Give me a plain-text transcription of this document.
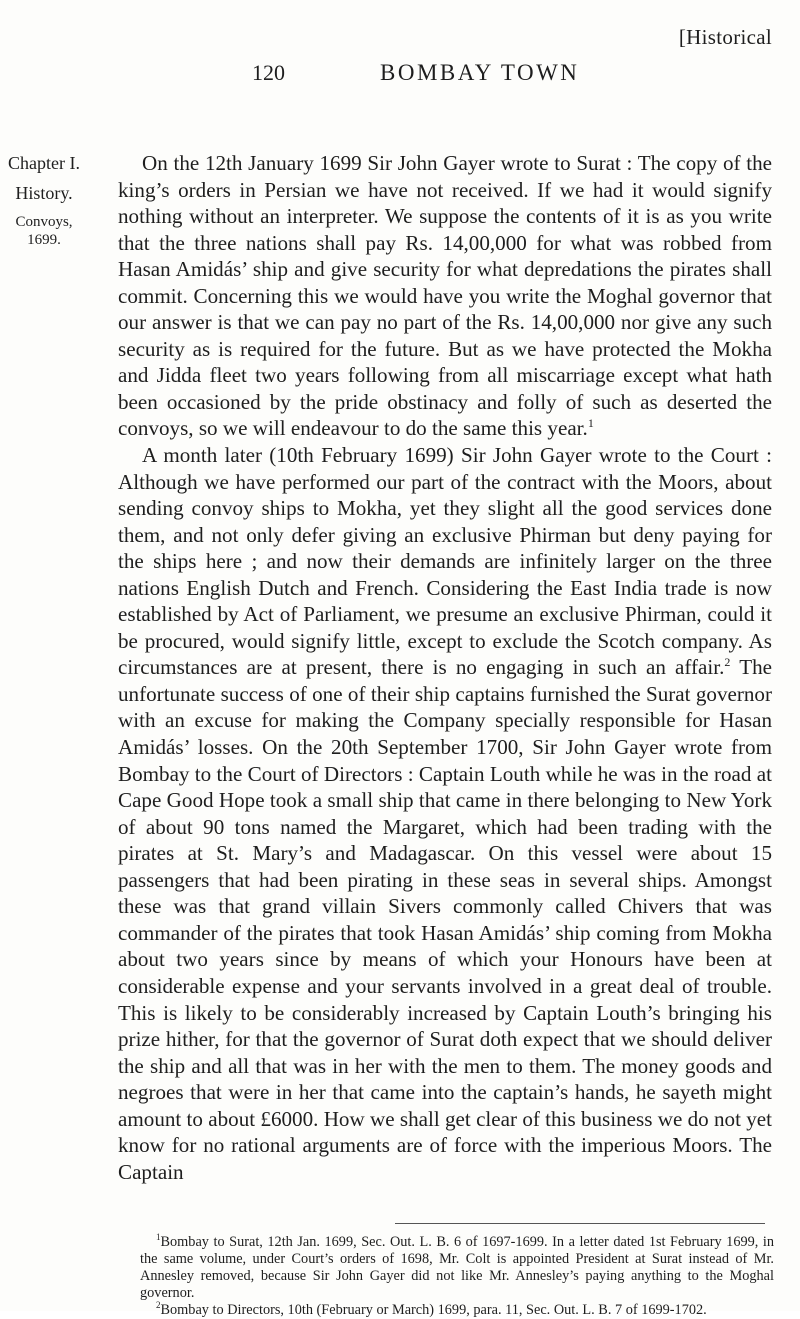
[Historical
120	BOMBAY TOWN
Chapter I.
History.
Convoys,
1699.

On the 12th January 1699 Sir John Gayer wrote to Surat : The copy of the king’s orders in Persian we have not received. If we had it would signify nothing without an interpreter. We suppose the contents of it is as you write that the three nations shall pay Rs. 14,00,000 for what was robbed from Hasan Amidás’ ship and give security for what depredations the pirates shall commit. Concerning this we would have you write the Moghal governor that our answer is that we can pay no part of the Rs. 14,00,000 nor give any such security as is required for the future. But as we have protected the Mokha and Jidda fleet two years following from all miscarriage except what hath been occasioned by the pride obstinacy and folly of such as deserted the convoys, so we will endeavour to do the same this year.$^1$

A month later (10th February 1699) Sir John Gayer wrote to the Court : Although we have performed our part of the contract with the Moors, about sending convoy ships to Mokha, yet they slight all the good services done them, and not only defer giving an exclusive Phirman but deny paying for the ships here ; and now their demands are infinitely larger on the three nations English Dutch and French. Considering the East India trade is now established by Act of Parliament, we presume an exclusive Phirman, could it be procured, would signify little, except to exclude the Scotch company. As circumstances are at present, there is no engaging in such an affair.$^2$ The unfortunate success of one of their ship captains furnished the Surat governor with an excuse for making the Company specially responsible for Hasan Amidás’ losses. On the 20th September 1700, Sir John Gayer wrote from Bombay to the Court of Directors : Captain Louth while he was in the road at Cape Good Hope took a small ship that came in there belonging to New York of about 90 tons named the Margaret, which had been trading with the pirates at St. Mary’s and Madagascar. On this vessel were about 15 passengers that had been pirating in these seas in several ships. Amongst these was that grand villain Sivers commonly called Chivers that was commander of the pirates that took Hasan Amidás’ ship coming from Mokha about two years since by means of which your Honours have been at considerable expense and your servants involved in a great deal of trouble. This is likely to be considerably increased by Captain Louth’s bringing his prize hither, for that the governor of Surat doth expect that we should deliver the ship and all that was in her with the men to them. The money goods and negroes that were in her that came into the captain’s hands, he sayeth might amount to about £6000. How we shall get clear of this business we do not yet know for no rational arguments are of force with the imperious Moors. The Captain

$^1$Bombay to Surat, 12th Jan. 1699, Sec. Out. L. B. 6 of 1697-1699. In a letter dated 1st February 1699, in the same volume, under Court’s orders of 1698, Mr. Colt is appointed President at Surat instead of Mr. Annesley removed, because Sir John Gayer did not like Mr. Annesley’s paying anything to the Moghal governor.

$^2$Bombay to Directors, 10th (February or March) 1699, para. 11, Sec. Out. L. B. 7 of 1699-1702.
